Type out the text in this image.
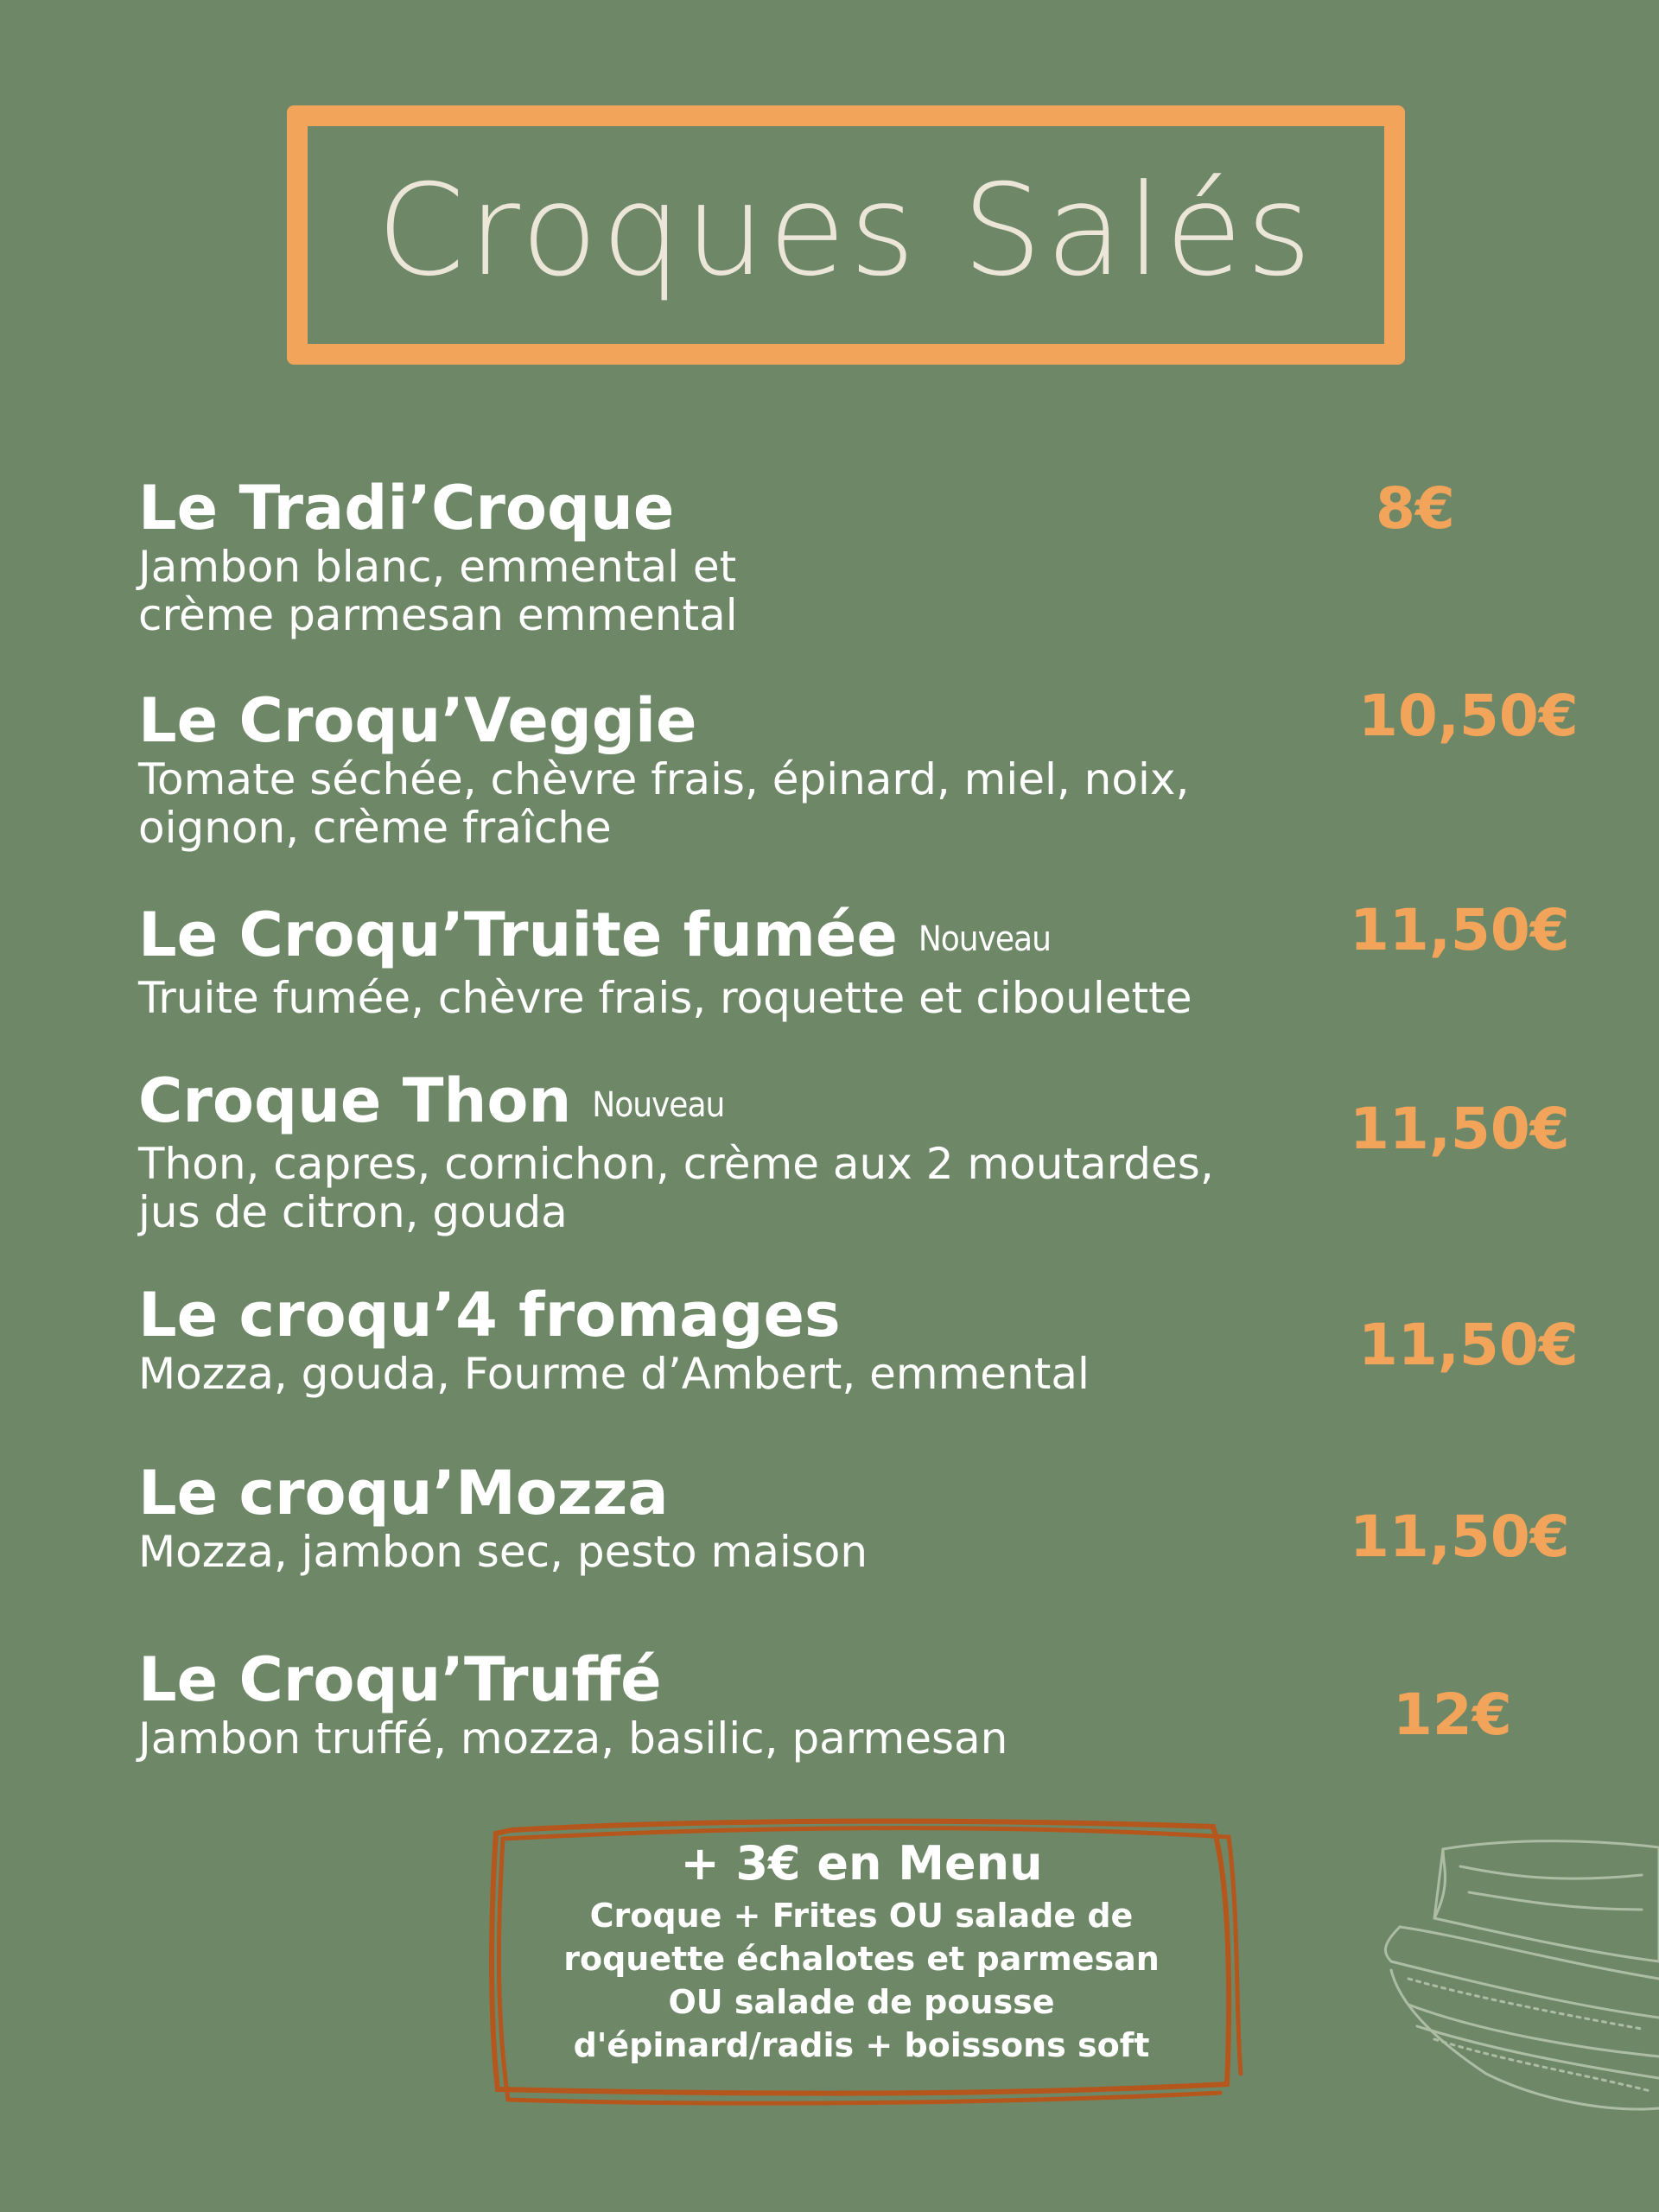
Croques Salés
Le Tradi’Croque
Jambon blanc, emmental et
crème parmesan emmental
8€
Le Croqu’Veggie
Tomate séchée, chèvre frais, épinard, miel, noix,
oignon, crème fraîche
10,50€
Le Croqu’Truite fumée Nouveau
Truite fumée, chèvre frais, roquette et ciboulette
11,50€
Croque Thon Nouveau
Thon, capres, cornichon, crème aux 2 moutardes,
jus de citron, gouda
11,50€
Le croqu’4 fromages
Mozza, gouda, Fourme d’Ambert, emmental	11,50€
Le croqu’Mozza
Mozza, jambon sec, pesto maison	11,50€
Le Croqu’Truffé
Jambon truffé, mozza, basilic, parmesan	12€
+ 3€ en Menu
Croque + Frites OU salade de
roquette échalotes et parmesan
OU salade de pousse
d'épinard/radis + boissons soft
